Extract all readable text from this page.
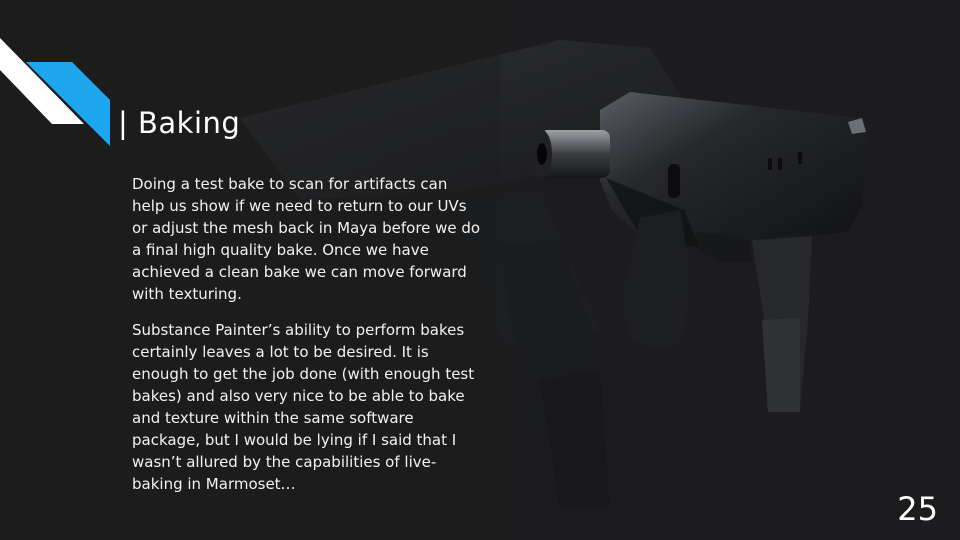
| Baking

Doing a test bake to scan for artifacts can help us show if we need to return to our UVs or adjust the mesh back in Maya before we do a final high quality bake. Once we have achieved a clean bake we can move forward with texturing.

Substance Painter’s ability to perform bakes certainly leaves a lot to be desired. It is enough to get the job done (with enough test bakes) and also very nice to be able to bake and texture within the same software package, but I would be lying if I said that I wasn’t allured by the capabilities of live-baking in Marmoset…

25
